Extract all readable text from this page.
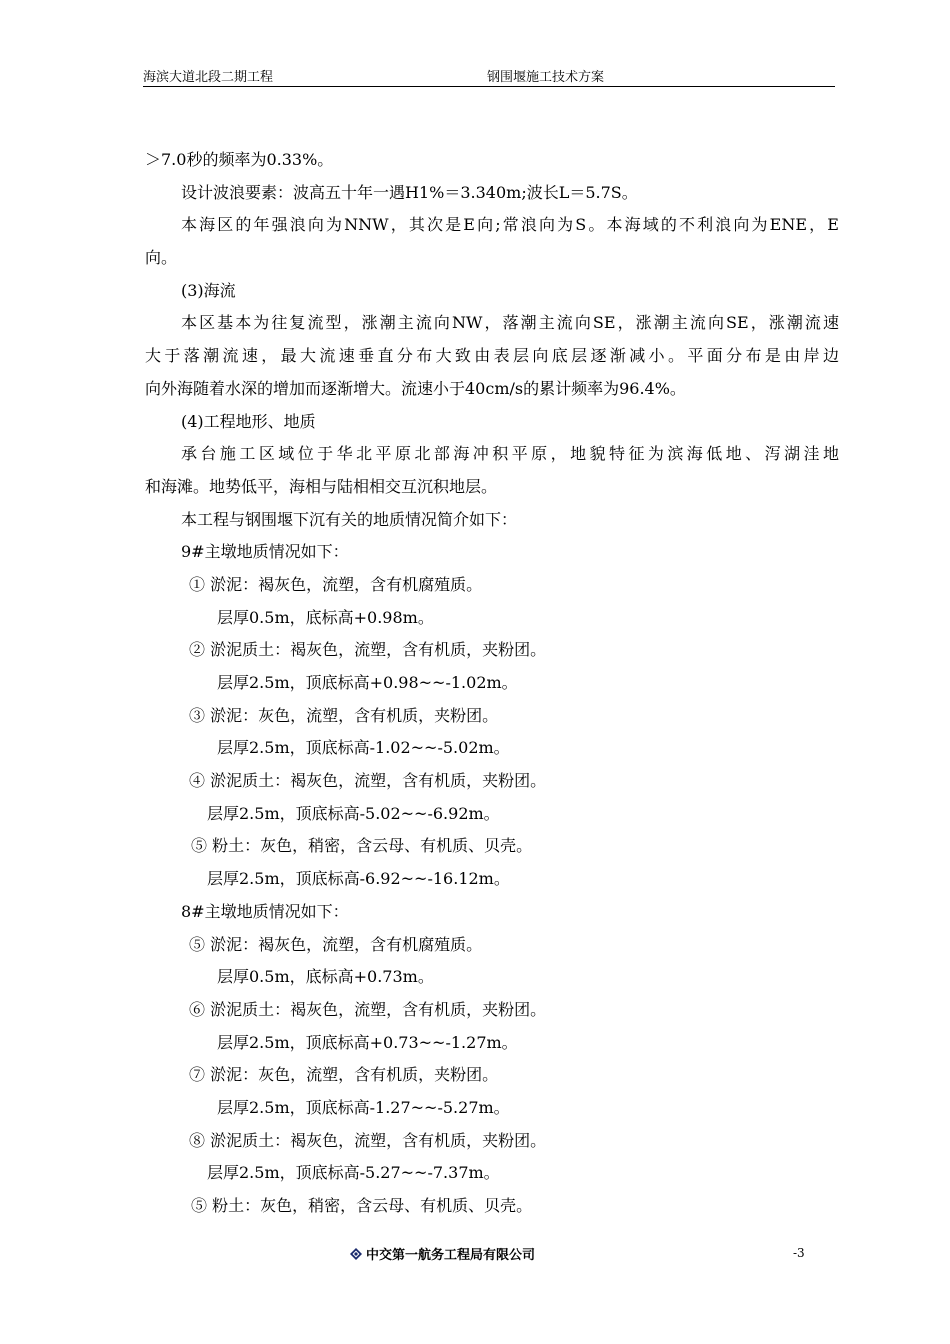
海滨大道北段二期工程	钢围堰施工技术方案
＞7.0秒的频率为0.33%。
设计波浪要素：波高五十年一遇H1%＝3.340m;波长L＝5.7S。
本海区的年强浪向为NNW，其次是E向;常浪向为S。本海域的不利浪向为ENE，E
向。
(3)海流
本区基本为往复流型，涨潮主流向NW，落潮主流向SE，涨潮主流向SE，涨潮流速
大于落潮流速，最大流速垂直分布大致由表层向底层逐渐减小。平面分布是由岸边
向外海随着水深的增加而逐渐增大。流速小于40cm/s的累计频率为96.4%。
(4)工程地形、地质
承台施工区域位于华北平原北部海冲积平原，地貌特征为滨海低地、泻湖洼地
和海滩。地势低平，海相与陆相相交互沉积地层。
本工程与钢围堰下沉有关的地质情况简介如下：
9#主墩地质情况如下：
① 淤泥：褐灰色，流塑，含有机腐殖质。
层厚0.5m，底标高+0.98m。
② 淤泥质土：褐灰色，流塑，含有机质，夹粉团。
层厚2.5m，顶底标高+0.98~~-1.02m。
③ 淤泥：灰色，流塑，含有机质，夹粉团。
层厚2.5m，顶底标高-1.02~~-5.02m。
④ 淤泥质土：褐灰色，流塑，含有机质，夹粉团。
层厚2.5m，顶底标高-5.02~~-6.92m。
⑤ 粉土：灰色，稍密，含云母、有机质、贝壳。
层厚2.5m，顶底标高-6.92~~-16.12m。
8#主墩地质情况如下：
⑤ 淤泥：褐灰色，流塑，含有机腐殖质。
层厚0.5m，底标高+0.73m。
⑥ 淤泥质土：褐灰色，流塑，含有机质，夹粉团。
层厚2.5m，顶底标高+0.73~~-1.27m。
⑦ 淤泥：灰色，流塑，含有机质，夹粉团。
层厚2.5m，顶底标高-1.27~~-5.27m。
⑧ 淤泥质土：褐灰色，流塑，含有机质，夹粉团。
层厚2.5m，顶底标高-5.27~~-7.37m。
⑤ 粉土：灰色，稍密，含云母、有机质、贝壳。
中交第一航务工程局有限公司	-3
